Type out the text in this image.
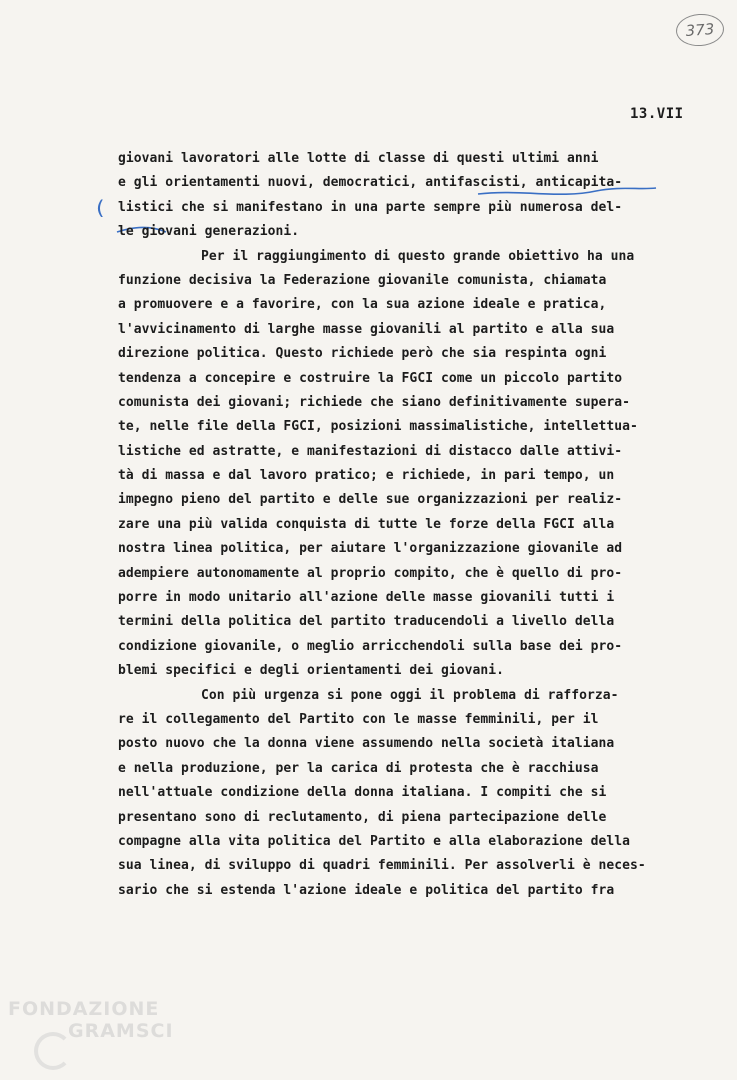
373
13.VII
(
giovani lavoratori alle lotte di classe di questi ultimi anni
e gli orientamenti nuovi, democratici, antifascisti, anticapita-
listici che si manifestano in una parte sempre più numerosa del-
le giovani generazioni.
Per il raggiungimento di questo grande obiettivo ha una
funzione decisiva la Federazione giovanile comunista, chiamata
a promuovere e a favorire, con la sua azione ideale e pratica,
l'avvicinamento di larghe masse giovanili al partito e alla sua
direzione politica. Questo richiede però che sia respinta ogni
tendenza a concepire e costruire la FGCI come un piccolo partito
comunista dei giovani; richiede che siano definitivamente supera-
te, nelle file della FGCI, posizioni massimalistiche, intellettua-
listiche ed astratte, e manifestazioni di distacco dalle attivi-
tà di massa e dal lavoro pratico; e richiede, in pari tempo, un
impegno pieno del partito e delle sue organizzazioni per realiz-
zare una più valida conquista di tutte le forze della FGCI alla
nostra linea politica, per aiutare l'organizzazione giovanile ad
adempiere autonomamente al proprio compito, che è quello di pro-
porre in modo unitario all'azione delle masse giovanili tutti i
termini della politica del partito traducendoli a livello della
condizione giovanile, o meglio arricchendoli sulla base dei pro-
blemi specifici e degli orientamenti dei giovani.
Con più urgenza si pone oggi il problema di rafforza-
re il collegamento del Partito con le masse femminili, per il
posto nuovo che la donna viene assumendo nella società italiana
e nella produzione, per la carica di protesta che è racchiusa
nell'attuale condizione della donna italiana. I compiti che si
presentano sono di reclutamento, di piena partecipazione delle
compagne alla vita politica del Partito e alla elaborazione della
sua linea, di sviluppo di quadri femminili. Per assolverli è neces-
sario che si estenda l'azione ideale e politica del partito fra
FONDAZIONE
GRAMSCI
